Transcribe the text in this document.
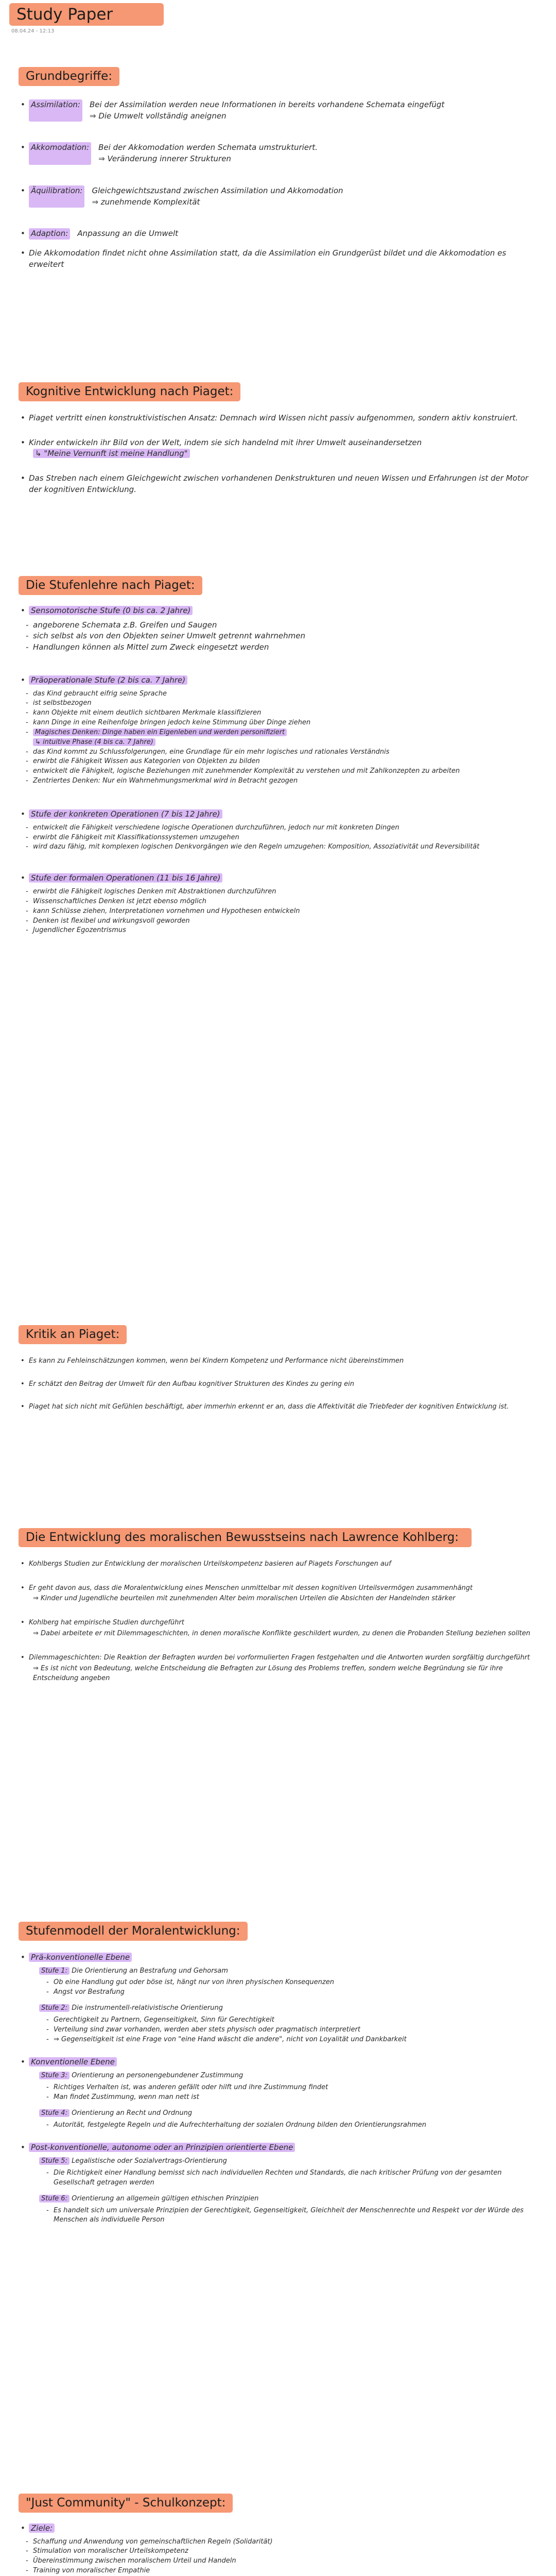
Study Paper
08.04.24 - 12:13
Grundbegriffe:
• Assimilation: Bei der Assimilation werden neue Informationen in bereits vorhandene Schemata eingefügt
⇒ Die Umwelt vollständig aneignen
• Akkomodation: Bei der Akkomodation werden Schemata umstrukturiert.
⇒ Veränderung innerer Strukturen
• Äquilibration: Gleichgewichtszustand zwischen Assimilation und Akkomodation
⇒ zunehmende Komplexität
• Adaption: Anpassung an die Umwelt
• Die Akkomodation findet nicht ohne Assimilation statt, da die Assimilation ein Grundgerüst bildet und die Akkomodation es erweitert
Kognitive Entwicklung nach Piaget:
• Piaget vertritt einen konstruktivistischen Ansatz: Demnach wird Wissen nicht passiv aufgenommen, sondern aktiv konstruiert.
• Kinder entwickeln ihr Bild von der Welt, indem sie sich handelnd mit ihrer Umwelt auseinandersetzen
↳ "Meine Vernunft ist meine Handlung"
• Das Streben nach einem Gleichgewicht zwischen vorhandenen Denkstrukturen und neuen Wissen und Erfahrungen ist der Motor der kognitiven Entwicklung.
Die Stufenlehre nach Piaget:
• Sensomotorische Stufe (0 bis ca. 2 Jahre)
- angeborene Schemata z.B. Greifen und Saugen
- sich selbst als von den Objekten seiner Umwelt getrennt wahrnehmen
- Handlungen können als Mittel zum Zweck eingesetzt werden
• Präoperationale Stufe (2 bis ca. 7 Jahre)
- das Kind gebraucht eifrig seine Sprache
- ist selbstbezogen
- kann Objekte mit einem deutlich sichtbaren Merkmale klassifizieren
- kann Dinge in eine Reihenfolge bringen jedoch keine Stimmung über Dinge ziehen
- Magisches Denken: Dinge haben ein Eigenleben und werden personifiziert
↳ intuitive Phase (4 bis ca. 7 Jahre)
- das Kind kommt zu Schlussfolgerungen, eine Grundlage für ein mehr logisches und rationales Verständnis
- erwirbt die Fähigkeit Wissen aus Kategorien von Objekten zu bilden
- entwickelt die Fähigkeit, logische Beziehungen mit zunehmender Komplexität zu verstehen und mit Zahlkonzepten zu arbeiten
- Zentriertes Denken: Nur ein Wahrnehmungsmerkmal wird in Betracht gezogen
• Stufe der konkreten Operationen (7 bis 12 Jahre)
- entwickelt die Fähigkeit verschiedene logische Operationen durchzuführen, jedoch nur mit konkreten Dingen
- erwirbt die Fähigkeit mit Klassifikationssystemen umzugehen
- wird dazu fähig, mit komplexen logischen Denkvorgängen wie den Regeln umzugehen: Komposition, Assoziativität und Reversibilität
• Stufe der formalen Operationen (11 bis 16 Jahre)
- erwirbt die Fähigkeit logisches Denken mit Abstraktionen durchzuführen
- Wissenschaftliches Denken ist jetzt ebenso möglich
- kann Schlüsse ziehen, Interpretationen vornehmen und Hypothesen entwickeln
- Denken ist flexibel und wirkungsvoll geworden
- Jugendlicher Egozentrismus
Kritik an Piaget:
• Es kann zu Fehleinschätzungen kommen, wenn bei Kindern Kompetenz und Performance nicht übereinstimmen
• Er schätzt den Beitrag der Umwelt für den Aufbau kognitiver Strukturen des Kindes zu gering ein
• Piaget hat sich nicht mit Gefühlen beschäftigt, aber immerhin erkennt er an, dass die Affektivität die Triebfeder der kognitiven Entwicklung ist.
Die Entwicklung des moralischen Bewusstseins nach Lawrence Kohlberg:
• Kohlbergs Studien zur Entwicklung der moralischen Urteilskompetenz basieren auf Piagets Forschungen auf
• Er geht davon aus, dass die Moralentwicklung eines Menschen unmittelbar mit dessen kognitiven Urteilsvermögen zusammenhängt
⇒ Kinder und Jugendliche beurteilen mit zunehmenden Alter beim moralischen Urteilen die Absichten der Handelnden stärker
• Kohlberg hat empirische Studien durchgeführt
⇒ Dabei arbeitete er mit Dilemmageschichten, in denen moralische Konflikte geschildert wurden, zu denen die Probanden Stellung beziehen sollten
• Dilemmageschichten: Die Reaktion der Befragten wurden bei vorformulierten Fragen festgehalten und die Antworten wurden sorgfältig durchgeführt
⇒ Es ist nicht von Bedeutung, welche Entscheidung die Befragten zur Lösung des Problems treffen, sondern welche Begründung sie für ihre Entscheidung angeben
Stufenmodell der Moralentwicklung:
• Prä-konventionelle Ebene
Stufe 1: Die Orientierung an Bestrafung und Gehorsam
- Ob eine Handlung gut oder böse ist, hängt nur von ihren physischen Konsequenzen
- Angst vor Bestrafung
Stufe 2: Die instrumentell-relativistische Orientierung
- Gerechtigkeit zu Partnern, Gegenseitigkeit, Sinn für Gerechtigkeit
- Verteilung sind zwar vorhanden, werden aber stets physisch oder pragmatisch interpretiert
- ⇒ Gegenseitigkeit ist eine Frage von "eine Hand wäscht die andere", nicht von Loyalität und Dankbarkeit
• Konventionelle Ebene
Stufe 3: Orientierung an personengebundener Zustimmung
- Richtiges Verhalten ist, was anderen gefällt oder hilft und ihre Zustimmung findet
- Man findet Zustimmung, wenn man nett ist
Stufe 4: Orientierung an Recht und Ordnung
- Autorität, festgelegte Regeln und die Aufrechterhaltung der sozialen Ordnung bilden den Orientierungsrahmen
• Post-konventionelle, autonome oder an Prinzipien orientierte Ebene
Stufe 5: Legalistische oder Sozialvertrags-Orientierung
- Die Richtigkeit einer Handlung bemisst sich nach individuellen Rechten und Standards, die nach kritischer Prüfung von der gesamten Gesellschaft getragen werden
Stufe 6: Orientierung an allgemein gültigen ethischen Prinzipien
- Es handelt sich um universale Prinzipien der Gerechtigkeit, Gegenseitigkeit, Gleichheit der Menschenrechte und Respekt vor der Würde des Menschen als individuelle Person
"Just Community" - Schulkonzept:
• Ziele:
- Schaffung und Anwendung von gemeinschaftlichen Regeln (Solidarität)
- Stimulation von moralischer Urteilskompetenz
- Übereinstimmung zwischen moralischem Urteil und Handeln
- Training von moralischer Empathie
-
